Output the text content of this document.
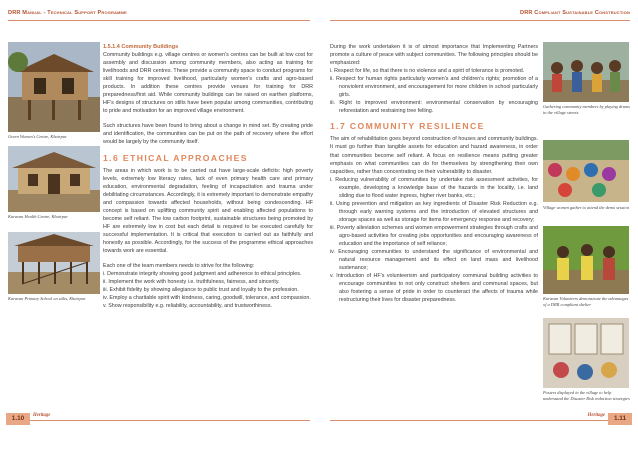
DRR Manual - Technical Support Programme	DRR Compliant Sustainable Construction
Green Women's Centre, Khairpur
Karavan Health Centre, Khairpur
Karavan Primary School on stilts, Khairpur
1.5.1.4 Community Buildings

Community buildings e.g. village centres or women's centres can be built at low cost for assembly and discussion among community members, also acting as training for livelihoods and DRR centres. These provide a community space to conduct programs for skill training for improved livelihood, particularly women's crafts and agro-based products. In addition these centres provide venues for training for DRR preparedness/first aid. While community buildings can be raised on earthen platforms, HF's designs of structures on stilts have been popular among communities, contributing to pride and motivation for an improved village environment.

Such structures have been found to bring about a change in mind set. By creating pride and identification, the communities can be put on the path of recovery where the effort would be largely by the community itself.

1.6 ETHICAL APPROACHES

The areas in which work is to be carried out have large-scale deficits: high poverty levels, extremely low literacy rates, lack of even primary health care and primary education, environmental degradation, feeling of incapacitation and trauma under debilitating circumstances. Accordingly, it is extremely important to demonstrate empathy and compassion towards affected households, without being condescending. HF concept is based on uplifting community spirit and enabling affected populations to become self reliant. The low carbon footprint, sustainable structures being promoted by HF are extremely low in cost but each detail is required to be executed carefully for successful implementation. It is critical that execution is carried out as faithfully and honestly as possible. Accordingly, for the success of the programme ethical approaches towards work are essential.

Each one of the team members needs to strive for the following:

i. Demonstrate integrity showing good judgment and adherence to ethical principles.
ii. Implement the work with honesty i.e. truthfulness, fairness, and sincerity.
iii. Exhibit fidelity by showing allegiance to public trust and loyalty to the profession.
iv. Employ a charitable spirit with kindness, caring, goodwill, tolerance, and compassion.
v. Show responsibility e.g. reliability, accountability, and trustworthiness.

During the work undertaken it is of utmost importance that Implementing Partners promote a culture of peace with subject communities. The following principles should be emphasized:

i. Respect for life, so that there is no violence and a spirit of tolerance is promoted.
ii. Respect for human rights particularly women's and children's rights; promotion of a nonviolent environment, and encouragement for more children in school particularly girls.
iii. Right to improved environment: environmental conservation by encouraging reforestation and restraining tree felling.
1.7 COMMUNITY RESILIENCE

The aim of rehabilitation goes beyond construction of houses and community buildings. It must go further than tangible assets for education and hazard awareness, in order that communities become self reliant. A focus on resilience means putting greater emphasis on what communities can do for themselves by strengthening their own capacities, rather than concentrating on their vulnerability to disaster.

i. Reducing vulnerability of communities by undertake risk assessment activities, for example, developing a knowledge base of the hazards in the locality, i.e. land sliding due to flood water ingress, higher river banks, etc.;
ii. Using prevention and mitigation as key ingredients of Disaster Risk Reduction e.g. through early warning systems and the introduction of elevated structures and storage spaces as well as storage for items for emergency response and recovery;
iii. Poverty alleviation schemes and women empowerment strategies through crafts and agro-based activities for creating jobs opportunities and encouraging awareness of education and the importance of self reliance;
iv. Encouraging communities to understand the significance of environmental and natural resource management and its effect on land mass and livelihood sustenance;
v. Introduction of HF's volunteerism and participatory communal building activities to encourage communities to not only construct shelters and communal spaces, but also fostering a sense of pride in order to counteract the affects of trauma while restructuring their lives for disaster preparedness.
Gathering community members by playing drums in the village streets.
Village women gather to attend the demo session
Karavan Volunteers demonstrate the advantages of a DRR compliant shelter
Posters displayed in the village to help understand the Disaster Risk reduction strategies
1.10	1.11
Heritage	Heritage
